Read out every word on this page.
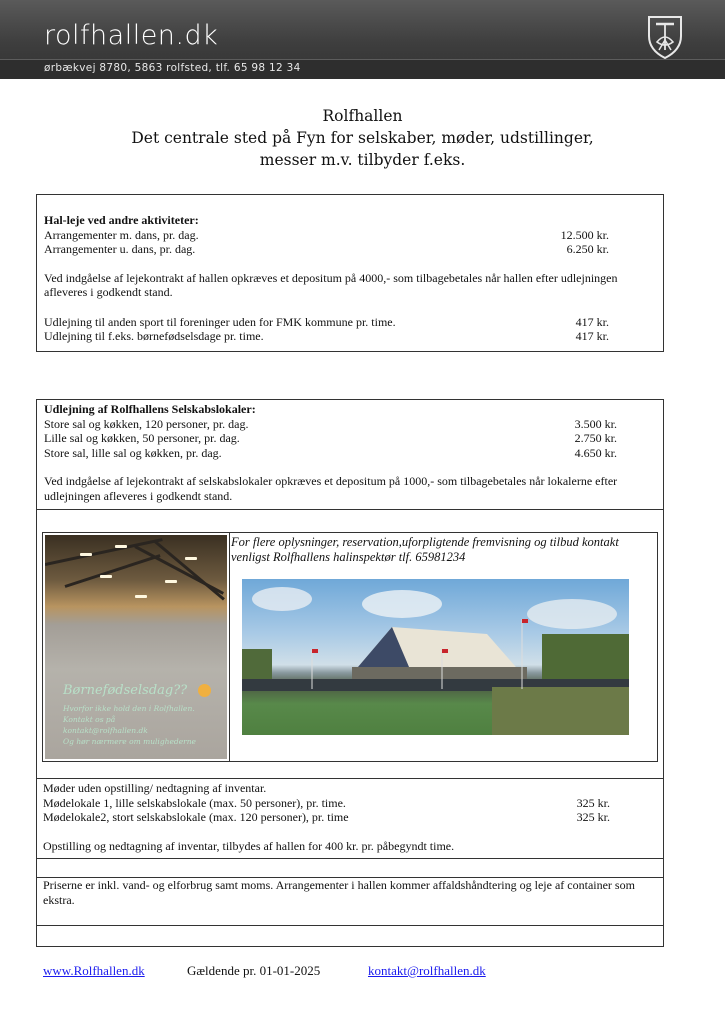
rolfhallen.dk
ørbækvej 8780, 5863 rolfsted, tlf. 65 98 12 34
Rolfhallen
Det centrale sted på Fyn for selskaber, møder, udstillinger,
messer m.v. tilbyder f.eks.
Hal-leje ved andre aktiviteter:
Arrangementer m. dans, pr. dag.	12.500 kr.
Arrangementer u. dans, pr. dag.	6.250 kr.
Ved indgåelse af lejekontrakt af hallen opkræves et depositum på 4000,- som tilbagebetales når hallen efter udlejningen afleveres i godkendt stand.
Udlejning til anden sport til foreninger uden for FMK kommune pr. time.	417 kr.
Udlejning til f.eks. børnefødselsdage pr. time.	417 kr.
Udlejning af Rolfhallens Selskabslokaler:
Store sal og køkken, 120 personer, pr. dag.	3.500 kr.
Lille sal og køkken, 50 personer, pr. dag.	2.750 kr.
Store sal, lille sal og køkken, pr. dag.	4.650 kr.
Ved indgåelse af lejekontrakt af selskabslokaler opkræves et depositum på 1000,- som tilbagebetales når lokalerne efter udlejningen afleveres i godkendt stand.
Børnefødselsdag??
Hvorfor ikke hold den i Rolfhallen.
Kontakt os på
kontakt@rolfhallen.dk
Og hør nærmere om mulighederne
For flere oplysninger, reservation,uforpligtende fremvisning og tilbud kontakt venligst Rolfhallens halinspektør tlf. 65981234
Møder uden opstilling/ nedtagning af inventar.
Mødelokale 1, lille selskabslokale (max. 50 personer), pr. time.	325 kr.
Mødelokale2, stort selskabslokale (max. 120 personer), pr. time	325 kr.
Opstilling og nedtagning af inventar, tilbydes af hallen for 400 kr. pr. påbegyndt time.
Priserne er inkl. vand- og elforbrug samt moms. Arrangementer i hallen kommer affaldshåndtering og leje af container som ekstra.
www.Rolfhallen.dk	Gældende pr. 01-01-2025	kontakt@rolfhallen.dk
